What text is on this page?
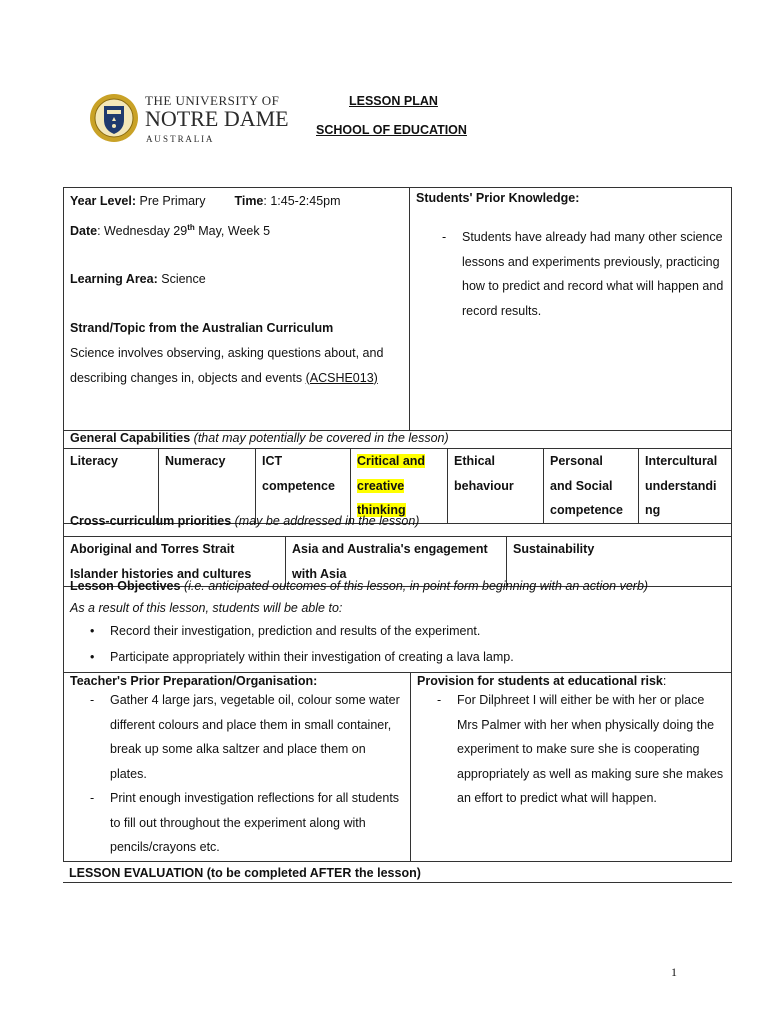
THE UNIVERSITY OF
NOTRE DAME
A U S T R A L I A
LESSON PLAN
SCHOOL OF EDUCATION
Year Level: Pre Primary Time: 1:45-2:45pm
Date: Wednesday 29th May, Week 5
Learning Area: Science
Strand/Topic from the Australian Curriculum
Science involves observing, asking questions about, and describing changes in, objects and events (ACSHE013)

Students' Prior Knowledge:
- Students have already had many other science lessons and experiments previously, practicing how to predict and record what will happen and record results.
General Capabilities (that may potentially be covered in the lesson)
Literacy	Numeracy	ICT competence	Critical and
creative
thinking	Ethical behaviour	Personal and Social competence	Intercultural
understandi
ng
Cross-curriculum priorities (may be addressed in the lesson)
Aboriginal and Torres Strait Islander histories and cultures	Asia and Australia's engagement with Asia	Sustainability
Lesson Objectives (i.e. anticipated outcomes of this lesson, in point form beginning with an action verb)
As a result of this lesson, students will be able to:
• Record their investigation, prediction and results of the experiment.
• Participate appropriately within their investigation of creating a lava lamp.
Teacher's Prior Preparation/Organisation:
- Gather 4 large jars, vegetable oil, colour some water different colours and place them in small container, break up some alka saltzer and place them on plates.
- Print enough investigation reflections for all students to fill out throughout the experiment along with pencils/crayons etc.

Provision for students at educational risk:
- For Dilphreet I will either be with her or place Mrs Palmer with her when physically doing the experiment to make sure she is cooperating appropriately as well as making sure she makes an effort to predict what will happen.
LESSON EVALUATION (to be completed AFTER the lesson)
1
